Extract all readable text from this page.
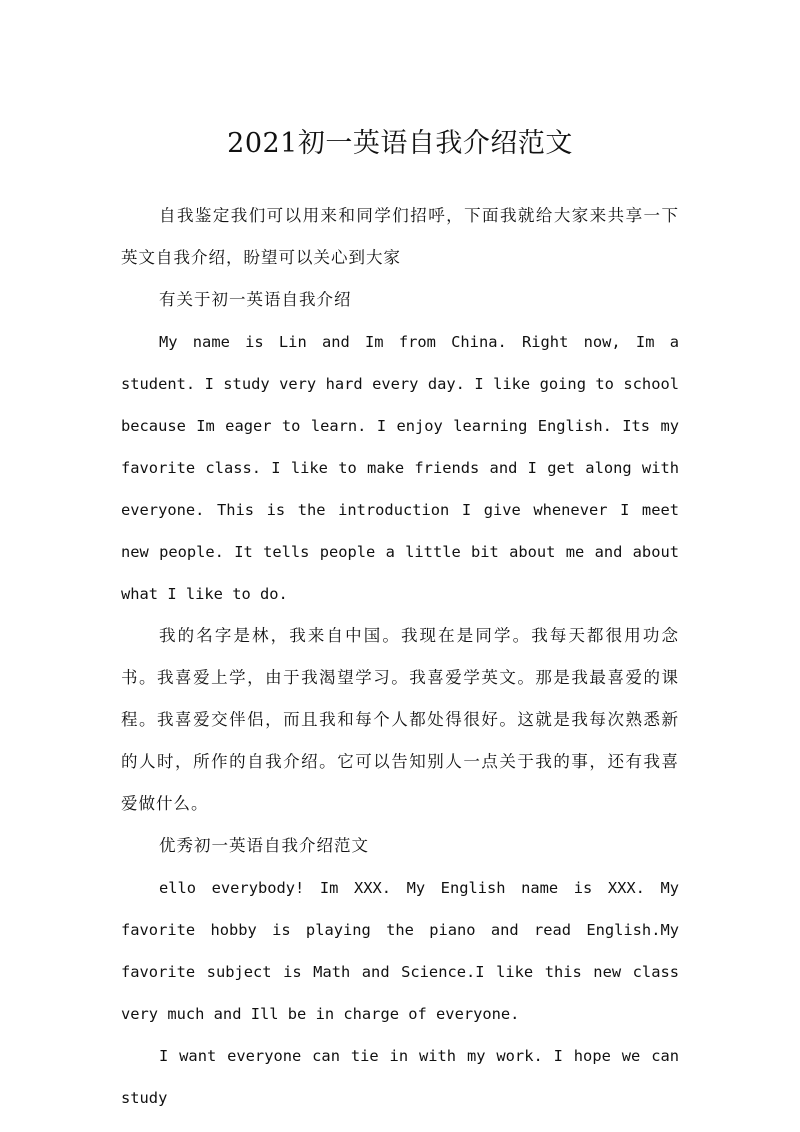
2021初一英语自我介绍范文

自我鉴定我们可以用来和同学们招呼，下面我就给大家来共享一下英文自我介绍，盼望可以关心到大家

有关于初一英语自我介绍

My name is Lin and Im from China. Right now, Im a student. I study very hard every day. I like going to school because Im eager to learn. I enjoy learning English. Its my favorite class. I like to make friends and I get along with everyone. This is the introduction I give whenever I meet new people. It tells people a little bit about me and about what I like to do.

我的名字是林，我来自中国。我现在是同学。我每天都很用功念书。我喜爱上学，由于我渴望学习。我喜爱学英文。那是我最喜爱的课程。我喜爱交伴侣，而且我和每个人都处得很好。这就是我每次熟悉新的人时，所作的自我介绍。它可以告知别人一点关于我的事，还有我喜爱做什么。

优秀初一英语自我介绍范文

ello everybody! Im XXX. My English name is XXX. My favorite hobby is playing the piano and read English.My favorite subject is Math and Science.I like this new class very much and Ill be in charge of everyone.

I want everyone can tie in with my work. I hope we can study
